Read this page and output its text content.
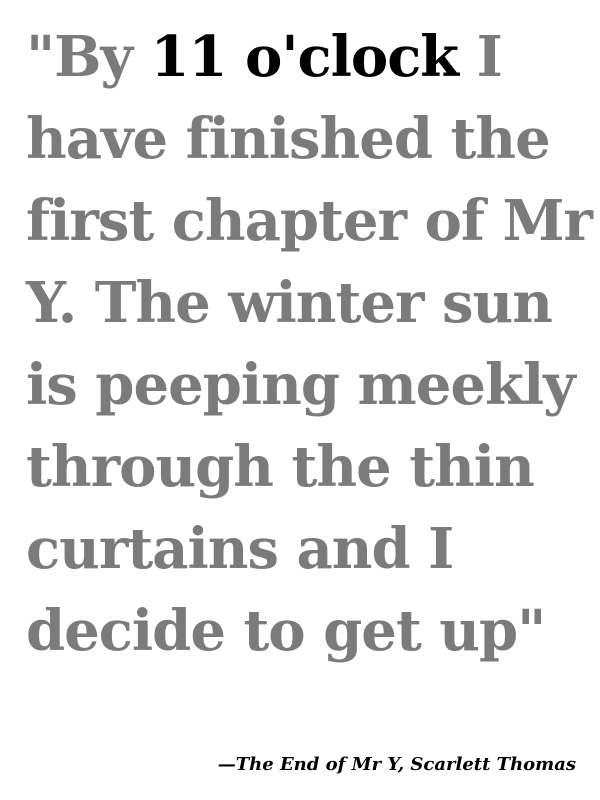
"By 11 o'clock I
have finished the
first chapter of Mr
Y. The winter sun
is peeping meekly
through the thin
curtains and I
decide to get up"
—The End of Mr Y, Scarlett Thomas
